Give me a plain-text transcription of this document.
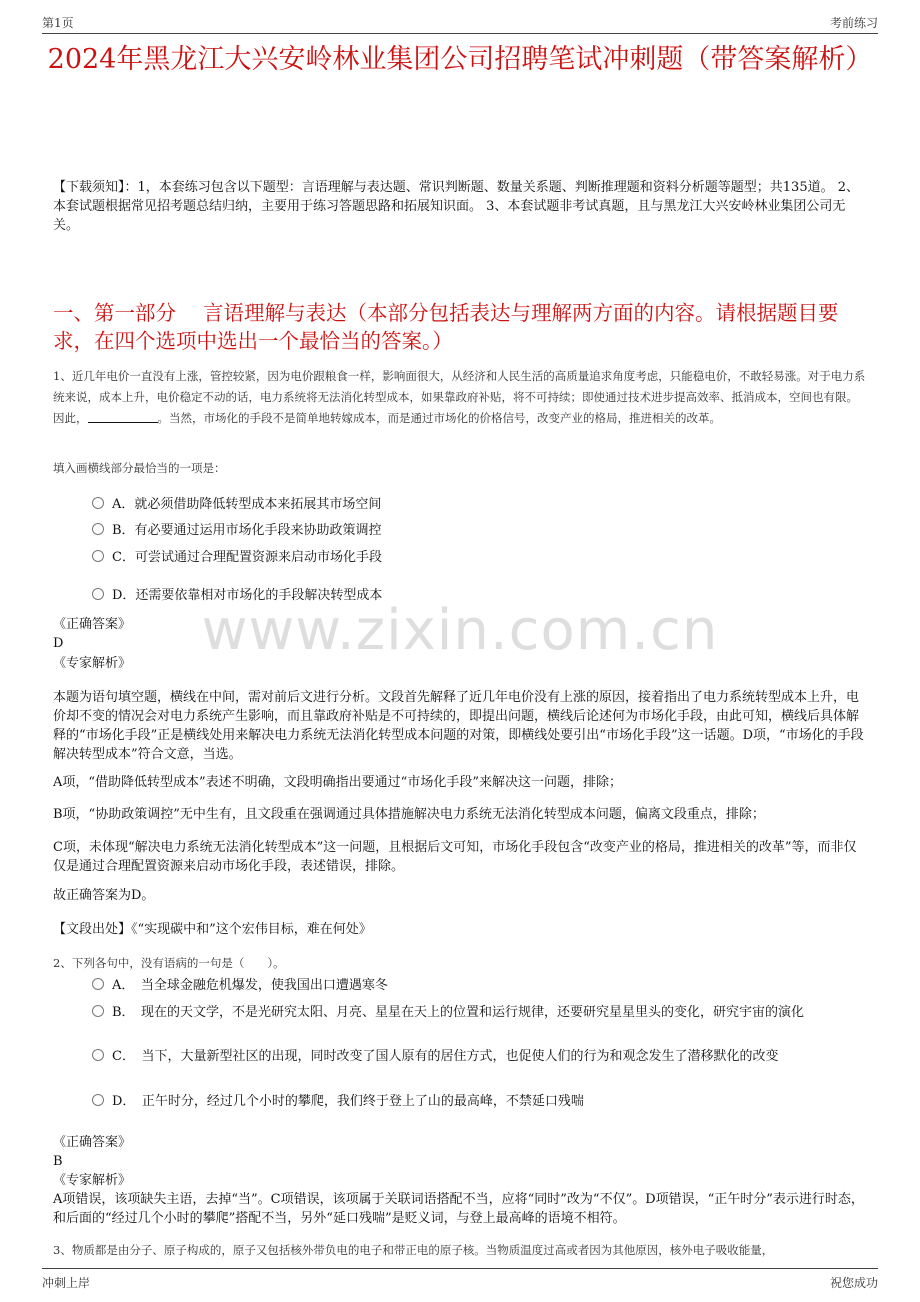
第1页	考前练习
2024年黑龙江大兴安岭林业集团公司招聘笔试冲刺题（带答案解析）
【下载须知】：1，本套练习包含以下题型：言语理解与表达题、常识判断题、数量关系题、判断推理题和资料分析题等题型；共135道。 2、本套试题根据常见招考题总结归纳，主要用于练习答题思路和拓展知识面。 3、本套试题非考试真题，且与黑龙江大兴安岭林业集团公司无关。
一、第一部分　 言语理解与表达（本部分包括表达与理解两方面的内容。请根据题目要求，在四个选项中选出一个最恰当的答案。）
1、近几年电价一直没有上涨，管控较紧，因为电价跟粮食一样，影响面很大，从经济和人民生活的高质量追求角度考虑，只能稳电价，不敢轻易涨。对于电力系统来说，成本上升，电价稳定不动的话，电力系统将无法消化转型成本，如果靠政府补贴，将不可持续；即使通过技术进步提高效率、抵消成本，空间也有限。因此，	。当然，市场化的手段不是简单地转嫁成本，而是通过市场化的价格信号，改变产业的格局，推进相关的改革。
填入画横线部分最恰当的一项是：
A．就必须借助降低转型成本来拓展其市场空间
B．有必要通过运用市场化手段来协助政策调控
C．可尝试通过合理配置资源来启动市场化手段
D．还需要依靠相对市场化的手段解决转型成本
www.zixin.com.cn
《正确答案》
D
《专家解析》
本题为语句填空题，横线在中间，需对前后文进行分析。文段首先解释了近几年电价没有上涨的原因，接着指出了电力系统转型成本上升，电价却不变的情况会对电力系统产生影响，而且靠政府补贴是不可持续的，即提出问题，横线后论述何为市场化手段，由此可知，横线后具体解释的“市场化手段”正是横线处用来解决电力系统无法消化转型成本问题的对策，即横线处要引出“市场化手段”这一话题。D项，“市场化的手段解决转型成本”符合文意，当选。
A项，“借助降低转型成本”表述不明确，文段明确指出要通过“市场化手段”来解决这一问题，排除；
B项，“协助政策调控”无中生有，且文段重在强调通过具体措施解决电力系统无法消化转型成本问题，偏离文段重点，排除；
C项，未体现“解决电力系统无法消化转型成本”这一问题，且根据后文可知，市场化手段包含“改变产业的格局，推进相关的改革”等，而非仅仅是通过合理配置资源来启动市场化手段，表述错误，排除。
故正确答案为D。
【文段出处】《“实现碳中和”这个宏伟目标，难在何处》
2、下列各句中，没有语病的一句是（　　）。
A．　当全球金融危机爆发，使我国出口遭遇寒冬
B．　现在的天文学，不是光研究太阳、月亮、星星在天上的位置和运行规律，还要研究星星里头的变化，研究宇宙的演化
C．　当下，大量新型社区的出现，同时改变了国人原有的居住方式，也促使人们的行为和观念发生了潜移默化的改变
D．　正午时分，经过几个小时的攀爬，我们终于登上了山的最高峰，不禁延口残喘
《正确答案》
B
《专家解析》
A项错误，该项缺失主语，去掉“当”。C项错误，该项属于关联词语搭配不当，应将“同时”改为“不仅”。D项错误，“正午时分”表示进行时态，和后面的“经过几个小时的攀爬”搭配不当，另外“延口残喘”是贬义词，与登上最高峰的语境不相符。
3、物质都是由分子、原子构成的，原子又包括核外带负电的电子和带正电的原子核。当物质温度过高或者因为其他原因，核外电子吸收能量，
冲刺上岸	祝您成功
